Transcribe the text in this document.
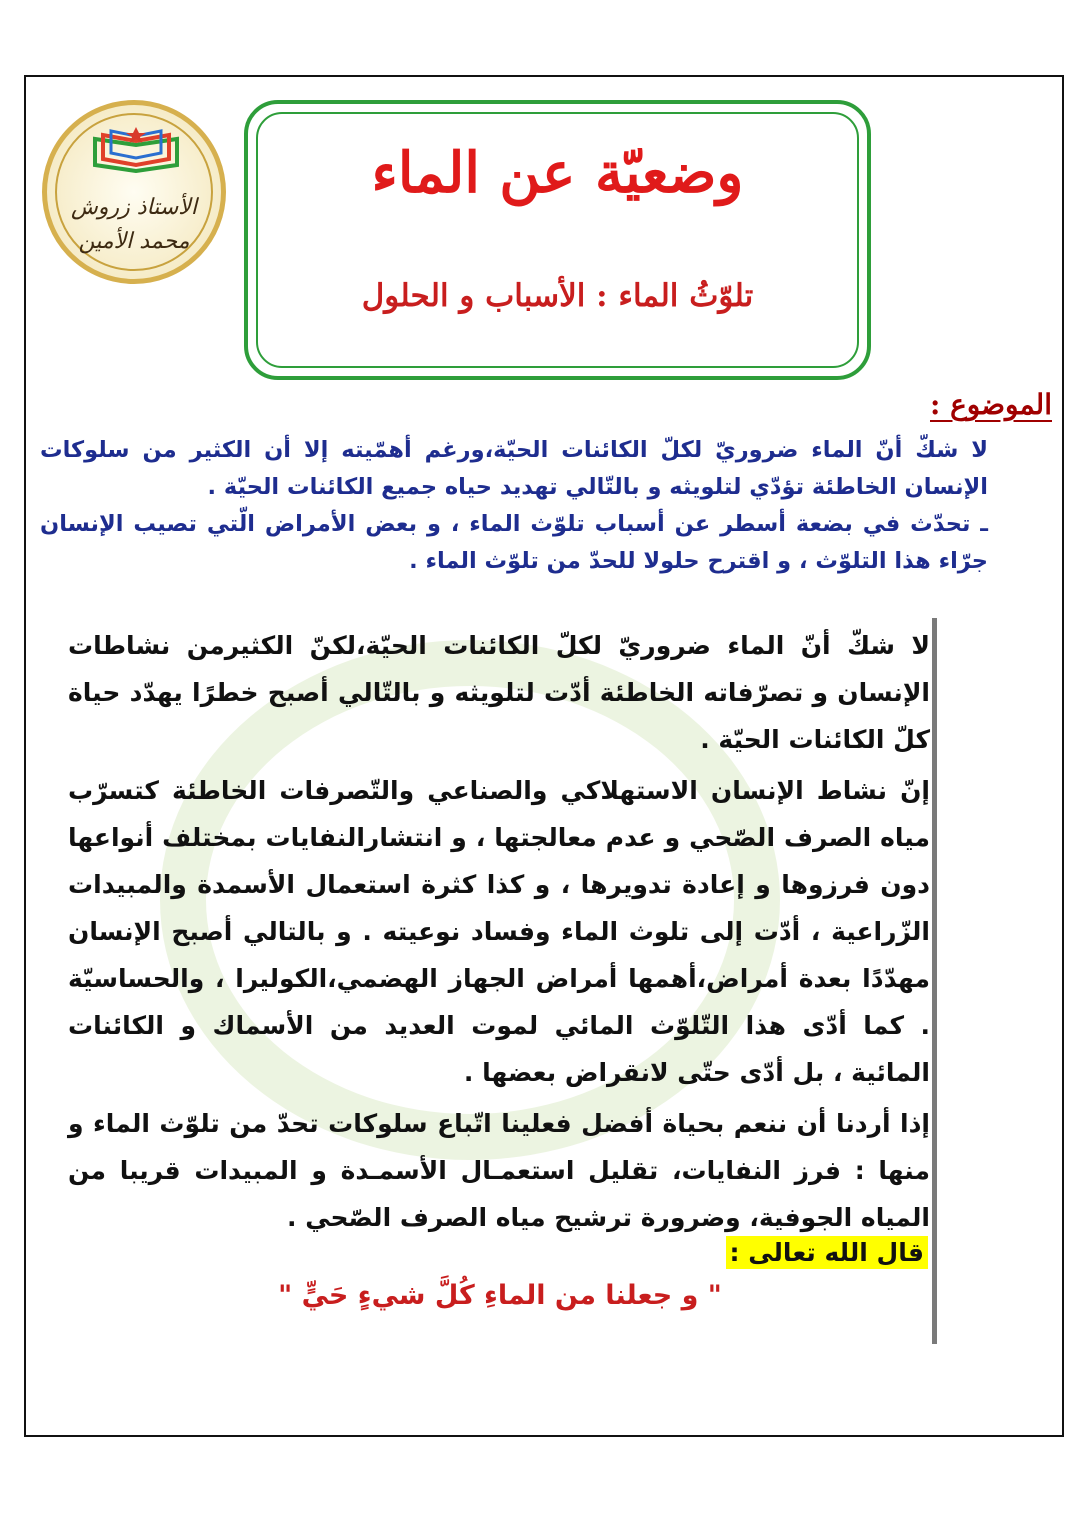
الأستاذ زروش
محمد الأمين
وضعيّة عن الماء
تلوّثُ الماء : الأسباب و الحلول
الموضوع :

لا شكّ أنّ الماء ضروريّ لكلّ الكائنات الحيّة،ورغم أهمّيته إلا أن الكثير من سلوكات الإنسان الخاطئة تؤدّي لتلويثه و بالتّالي تهديد حياه جميع الكائنات الحيّة .

ـ تحدّث في بضعة أسطر عن أسباب تلوّث الماء ، و بعض الأمراض الّتي تصيب الإنسان جرّاء هذا التلوّث ، و اقترح حلولا للحدّ من تلوّث الماء .

لا شكّ أنّ الماء ضروريّ لكلّ الكائنات الحيّة،لكنّ الكثيرمن نشاطات الإنسان و تصرّفاته الخاطئة أدّت لتلويثه و بالتّالي أصبح خطرًا يهدّد حياة كلّ الكائنات الحيّة .

إنّ نشاط الإنسان الاستهلاكي والصناعي والتّصرفات الخاطئة كتسرّب مياه الصرف الصّحي و عدم معالجتها ، و انتشارالنفايات بمختلف أنواعها دون فرزوها و إعادة تدويرها ، و كذا كثرة استعمال الأسمدة والمبيدات الزّراعية ، أدّت إلى تلوث الماء وفساد نوعيته . و بالتالي أصبح الإنسان مهدّدًا بعدة أمراض،أهمها أمراض الجهاز الهضمي،الكوليرا ، والحساسيّة . كما أدّى هذا التّلوّث المائي لموت العديد من الأسماك و الكائنات المائية ، بل أدّى حتّى لانقراض بعضها .

إذا أردنا أن ننعم بحياة أفضل فعلينا اتّباع سلوكات تحدّ من تلوّث الماء و منها : فرز النفايات، تقليل استعمـال الأسمـدة و المبيدات قريبا من المياه الجوفية، وضرورة ترشيح مياه الصرف الصّحي .

قال الله تعالى :
" و جعلنا من الماءِ كُلَّ شيءٍ حَيٍّ "
